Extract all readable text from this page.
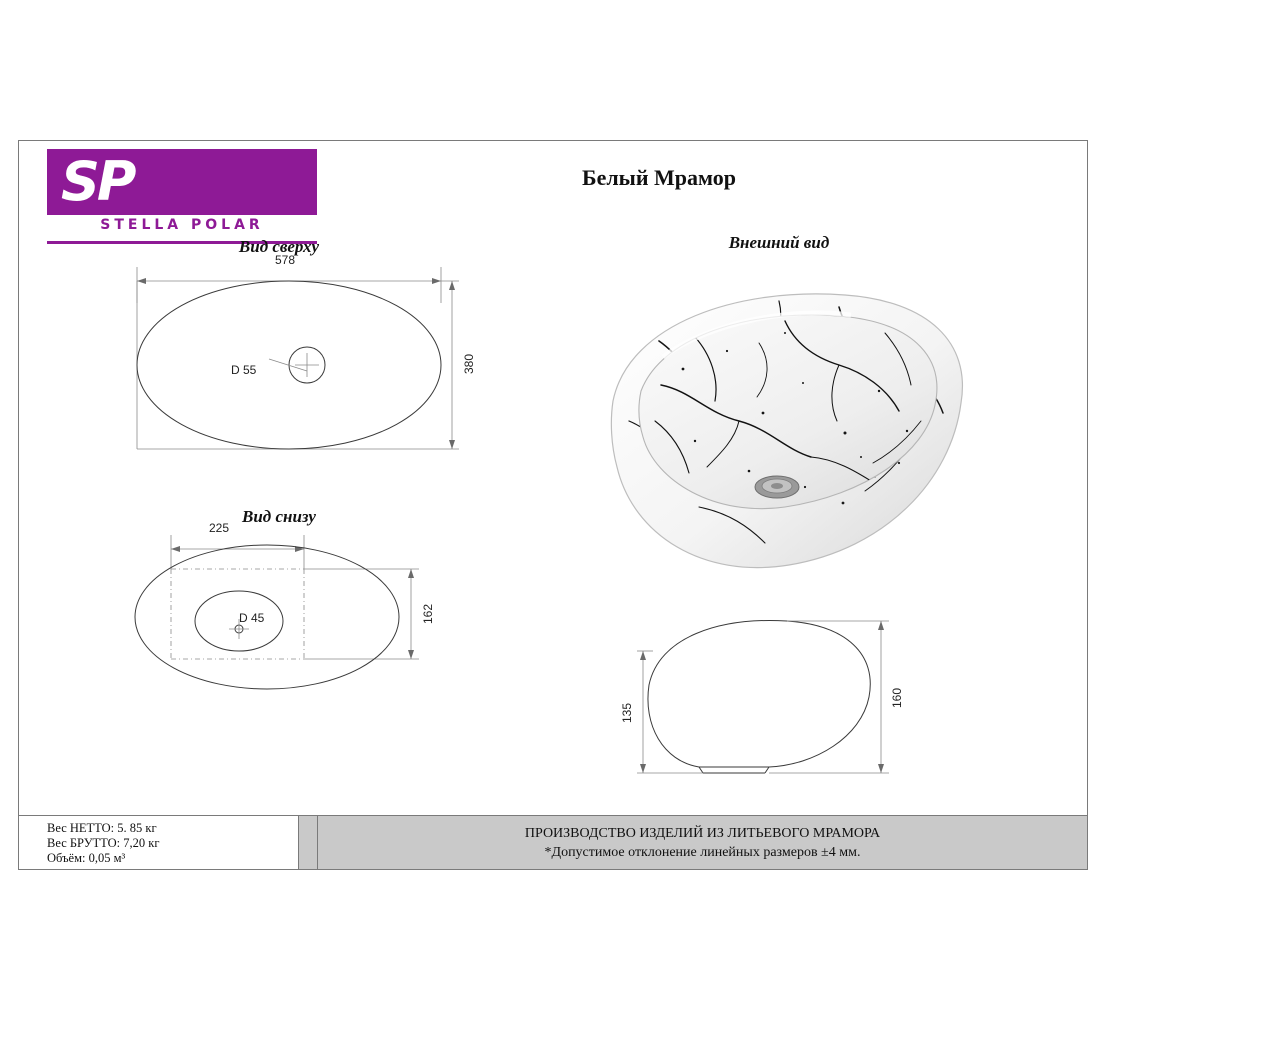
SP
STELLA POLAR
Белый Мрамор
Вид сверху
Вид снизу
Внешний вид
578
380
D 55
225
162
D 45
135
160
Вес НЕТТО: 5. 85 кг
Вес БРУТТО: 7,20 кг
Объём: 0,05 м³
ПРОИЗВОДСТВО ИЗДЕЛИЙ ИЗ ЛИТЬЕВОГО МРАМОРА
*Допустимое отклонение линейных размеров ±4 мм.
